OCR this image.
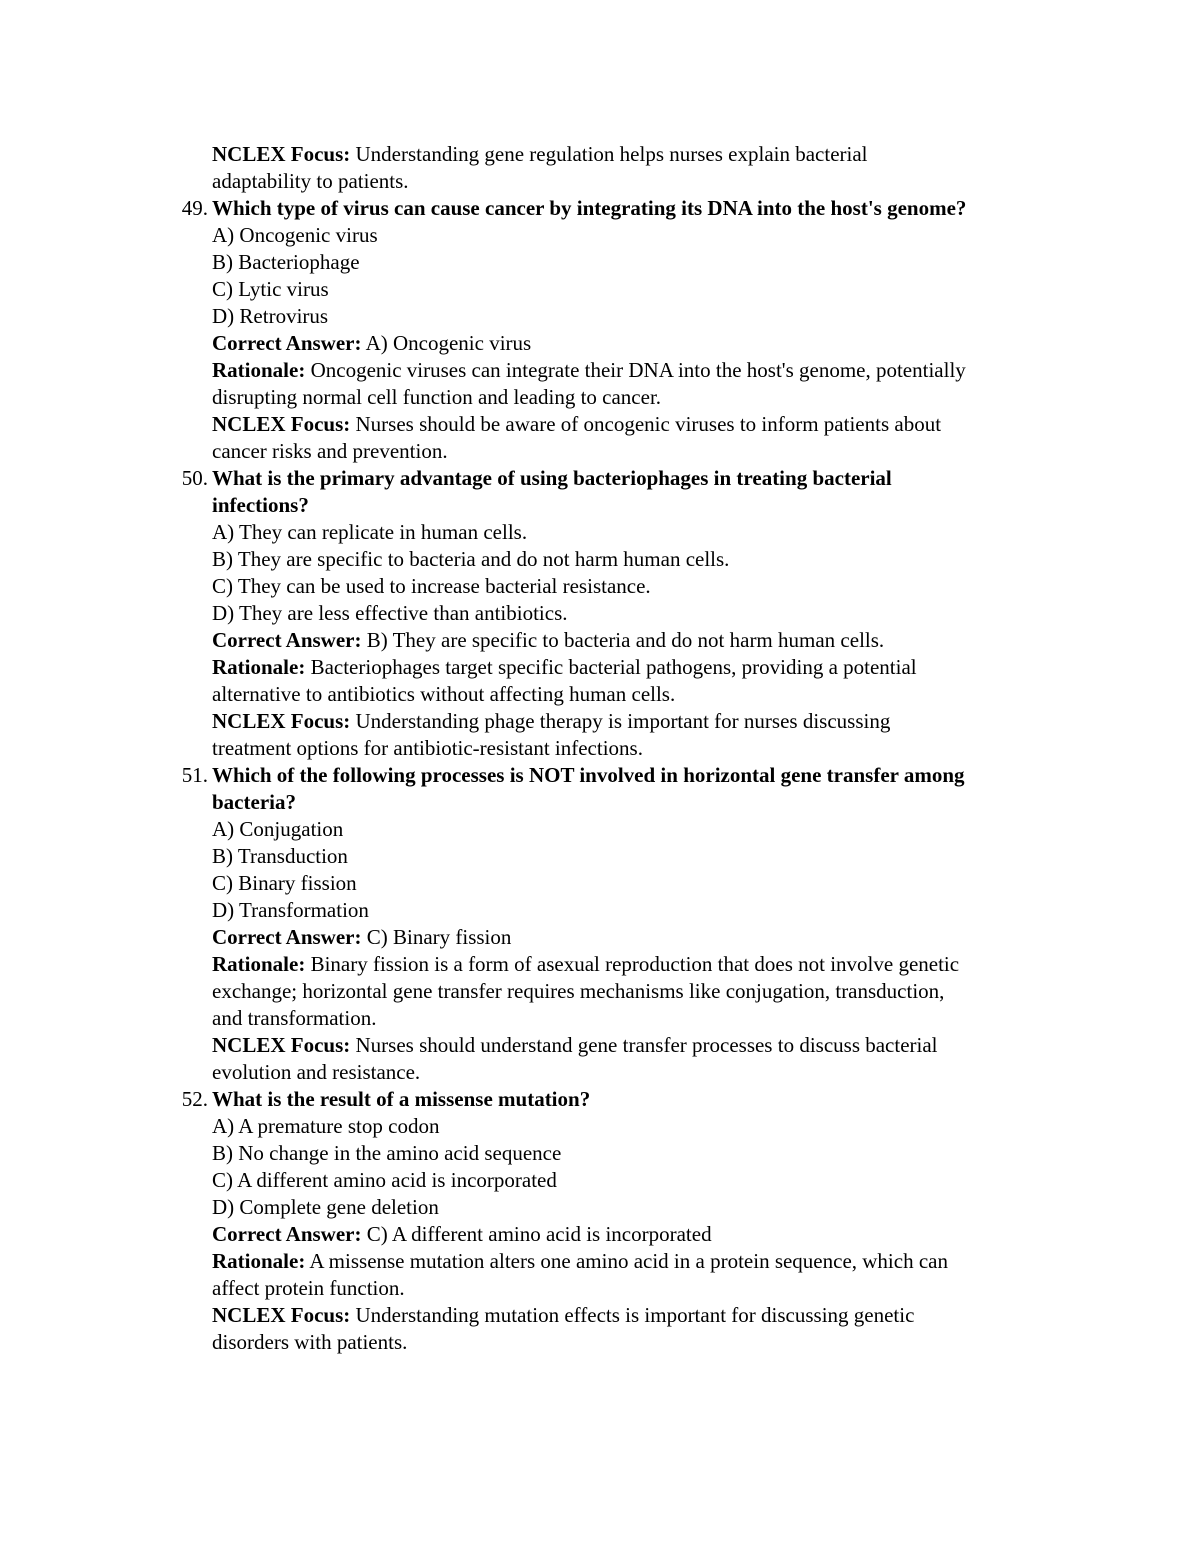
NCLEX Focus: Understanding gene regulation helps nurses explain bacterial
adaptability to patients.
49. Which type of virus can cause cancer by integrating its DNA into the host's genome?
A) Oncogenic virus
B) Bacteriophage
C) Lytic virus
D) Retrovirus
Correct Answer: A) Oncogenic virus
Rationale: Oncogenic viruses can integrate their DNA into the host's genome, potentially
disrupting normal cell function and leading to cancer.
NCLEX Focus: Nurses should be aware of oncogenic viruses to inform patients about
cancer risks and prevention.
50. What is the primary advantage of using bacteriophages in treating bacterial
infections?
A) They can replicate in human cells.
B) They are specific to bacteria and do not harm human cells.
C) They can be used to increase bacterial resistance.
D) They are less effective than antibiotics.
Correct Answer: B) They are specific to bacteria and do not harm human cells.
Rationale: Bacteriophages target specific bacterial pathogens, providing a potential
alternative to antibiotics without affecting human cells.
NCLEX Focus: Understanding phage therapy is important for nurses discussing
treatment options for antibiotic-resistant infections.
51. Which of the following processes is NOT involved in horizontal gene transfer among
bacteria?
A) Conjugation
B) Transduction
C) Binary fission
D) Transformation
Correct Answer: C) Binary fission
Rationale: Binary fission is a form of asexual reproduction that does not involve genetic
exchange; horizontal gene transfer requires mechanisms like conjugation, transduction,
and transformation.
NCLEX Focus: Nurses should understand gene transfer processes to discuss bacterial
evolution and resistance.
52. What is the result of a missense mutation?
A) A premature stop codon
B) No change in the amino acid sequence
C) A different amino acid is incorporated
D) Complete gene deletion
Correct Answer: C) A different amino acid is incorporated
Rationale: A missense mutation alters one amino acid in a protein sequence, which can
affect protein function.
NCLEX Focus: Understanding mutation effects is important for discussing genetic
disorders with patients.
